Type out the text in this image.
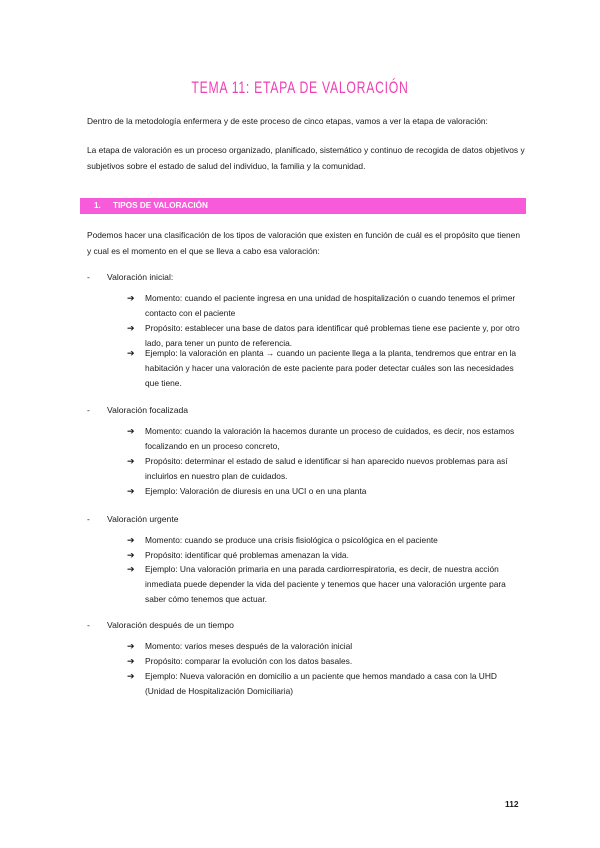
TEMA 11: ETAPA DE VALORACIÓN
Dentro de la metodología enfermera y de este proceso de cinco etapas, vamos a ver la etapa de valoración:
La etapa de valoración es un proceso organizado, planificado, sistemático y continuo de recogida de datos objetivos y subjetivos sobre el estado de salud del individuo, la familia y la comunidad.
1. TIPOS DE VALORACIÓN
Podemos hacer una clasificación de los tipos de valoración que existen en función de cuál es el propósito que tienen y cual es el momento en el que se lleva a cabo esa valoración:
- Valoración inicial:
➔ Momento: cuando el paciente ingresa en una unidad de hospitalización o cuando tenemos el primer contacto con el paciente
➔ Propósito: establecer una base de datos para identificar qué problemas tiene ese paciente y, por otro lado, para tener un punto de referencia.
➔ Ejemplo: la valoración en planta → cuando un paciente llega a la planta, tendremos que entrar en la habitación y hacer una valoración de este paciente para poder detectar cuáles son las necesidades que tiene.
- Valoración focalizada
➔ Momento: cuando la valoración la hacemos durante un proceso de cuidados, es decir, nos estamos focalizando en un proceso concreto,
➔ Propósito: determinar el estado de salud e identificar si han aparecido nuevos problemas para así incluirlos en nuestro plan de cuidados.
➔ Ejemplo: Valoración de diuresis en una UCI o en una planta
- Valoración urgente
➔ Momento: cuando se produce una crisis fisiológica o psicológica en el paciente
➔ Propósito: identificar qué problemas amenazan la vida.
➔ Ejemplo: Una valoración primaria en una parada cardiorrespiratoria, es decir, de nuestra acción inmediata puede depender la vida del paciente y tenemos que hacer una valoración urgente para saber cómo tenemos que actuar.
- Valoración después de un tiempo
➔ Momento: varios meses después de la valoración inicial
➔ Propósito: comparar la evolución con los datos basales.
➔ Ejemplo: Nueva valoración en domicilio a un paciente que hemos mandado a casa con la UHD (Unidad de Hospitalización Domiciliaria)
112
